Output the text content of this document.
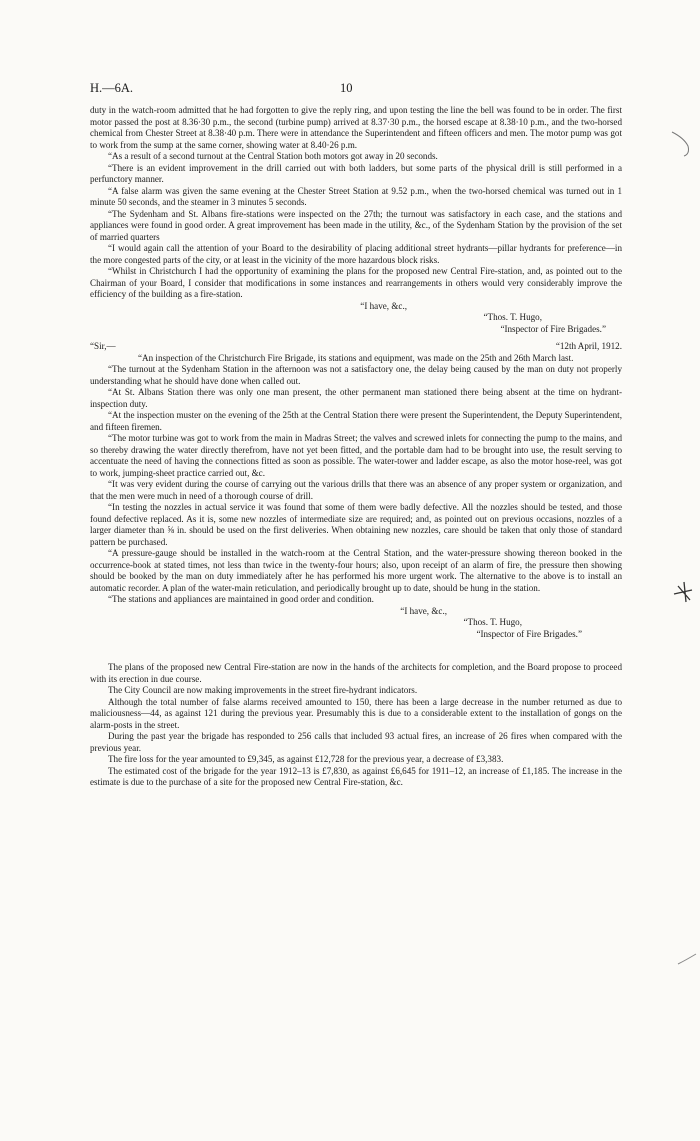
H.—6A.	10

duty in the watch-room admitted that he had forgotten to give the reply ring, and upon testing the line the bell was found to be in order. The first motor passed the post at 8.36·30 p.m., the second (turbine pump) arrived at 8.37·30 p.m., the horsed escape at 8.38·10 p.m., and the two-horsed chemical from Chester Street at 8.38·40 p.m. There were in attendance the Superintendent and fifteen officers and men. The motor pump was got to work from the sump at the same corner, showing water at 8.40·26 p.m.

“As a result of a second turnout at the Central Station both motors got away in 20 seconds.

“There is an evident improvement in the drill carried out with both ladders, but some parts of the physical drill is still performed in a perfunctory manner.

“A false alarm was given the same evening at the Chester Street Station at 9.52 p.m., when the two-horsed chemical was turned out in 1 minute 50 seconds, and the steamer in 3 minutes 5 seconds.

“The Sydenham and St. Albans fire-stations were inspected on the 27th; the turnout was satisfactory in each case, and the stations and appliances were found in good order. A great improvement has been made in the utility, &c., of the Sydenham Station by the provision of the set of married quarters

“I would again call the attention of your Board to the desirability of placing additional street hydrants—pillar hydrants for preference—in the more congested parts of the city, or at least in the vicinity of the more hazardous block risks.

“Whilst in Christchurch I had the opportunity of examining the plans for the proposed new Central Fire-station, and, as pointed out to the Chairman of your Board, I consider that modifications in some instances and rearrangements in others would very considerably improve the efficiency of the building as a fire-station.

“I have, &c.,
“Thos. T. Hugo,
“Inspector of Fire Brigades.”
“Sir,—	“12th April, 1912.

“An inspection of the Christchurch Fire Brigade, its stations and equipment, was made on the 25th and 26th March last.

“The turnout at the Sydenham Station in the afternoon was not a satisfactory one, the delay being caused by the man on duty not properly understanding what he should have done when called out.

“At St. Albans Station there was only one man present, the other permanent man stationed there being absent at the time on hydrant-inspection duty.

“At the inspection muster on the evening of the 25th at the Central Station there were present the Superintendent, the Deputy Superintendent, and fifteen firemen.

“The motor turbine was got to work from the main in Madras Street; the valves and screwed inlets for connecting the pump to the mains, and so thereby drawing the water directly therefrom, have not yet been fitted, and the portable dam had to be brought into use, the result serving to accentuate the need of having the connections fitted as soon as possible. The water-tower and ladder escape, as also the motor hose-reel, was got to work, jumping-sheet practice carried out, &c.

“It was very evident during the course of carrying out the various drills that there was an absence of any proper system or organization, and that the men were much in need of a thorough course of drill.

“In testing the nozzles in actual service it was found that some of them were badly defective. All the nozzles should be tested, and those found defective replaced. As it is, some new nozzles of intermediate size are required; and, as pointed out on previous occasions, nozzles of a larger diameter than ⅝ in. should be used on the first deliveries. When obtaining new nozzles, care should be taken that only those of standard pattern be purchased.

“A pressure-gauge should be installed in the watch-room at the Central Station, and the water-pressure showing thereon booked in the occurrence-book at stated times, not less than twice in the twenty-four hours; also, upon receipt of an alarm of fire, the pressure then showing should be booked by the man on duty immediately after he has performed his more urgent work. The alternative to the above is to install an automatic recorder. A plan of the water-main reticulation, and periodically brought up to date, should be hung in the station.

“The stations and appliances are maintained in good order and condition.

“I have, &c.,
“Thos. T. Hugo,
“Inspector of Fire Brigades.”

The plans of the proposed new Central Fire-station are now in the hands of the architects for completion, and the Board propose to proceed with its erection in due course.

The City Council are now making improvements in the street fire-hydrant indicators.

Although the total number of false alarms received amounted to 150, there has been a large decrease in the number returned as due to maliciousness—44, as against 121 during the previous year. Presumably this is due to a considerable extent to the installation of gongs on the alarm-posts in the street.

During the past year the brigade has responded to 256 calls that included 93 actual fires, an increase of 26 fires when compared with the previous year.

The fire loss for the year amounted to £9,345, as against £12,728 for the previous year, a decrease of £3,383.

The estimated cost of the brigade for the year 1912–13 is £7,830, as against £6,645 for 1911–12, an increase of £1,185. The increase in the estimate is due to the purchase of a site for the proposed new Central Fire-station, &c.
